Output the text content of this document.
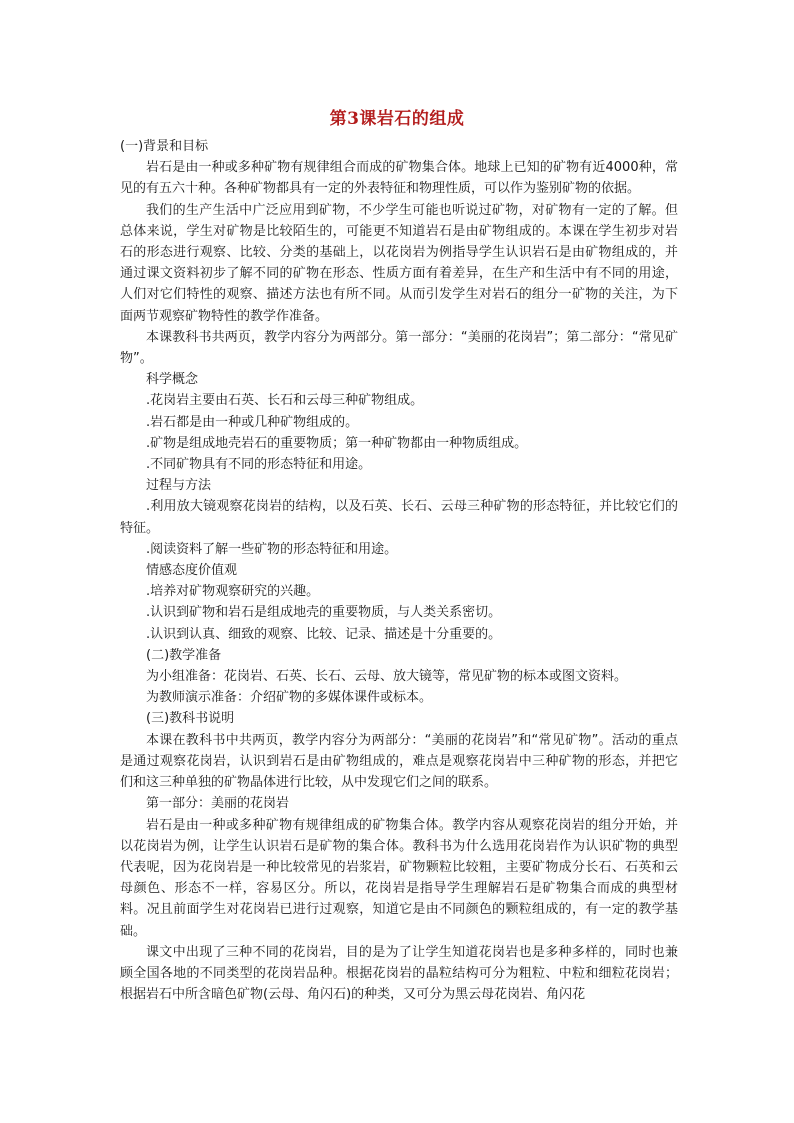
第3课岩石的组成

(一)背景和目标

岩石是由一种或多种矿物有规律组合而成的矿物集合体。地球上已知的矿物有近4000种，常见的有五六十种。各种矿物都具有一定的外表特征和物理性质，可以作为鉴别矿物的依据。

我们的生产生活中广泛应用到矿物，不少学生可能也听说过矿物，对矿物有一定的了解。但总体来说，学生对矿物是比较陌生的，可能更不知道岩石是由矿物组成的。本课在学生初步对岩石的形态进行观察、比较、分类的基础上，以花岗岩为例指导学生认识岩石是由矿物组成的，并通过课文资料初步了解不同的矿物在形态、性质方面有着差异，在生产和生活中有不同的用途，人们对它们特性的观察、描述方法也有所不同。从而引发学生对岩石的组分一矿物的关注，为下面两节观察矿物特性的教学作准备。

本课教科书共两页，教学内容分为两部分。第一部分：“美丽的花岗岩”；第二部分：“常见矿物”。

科学概念

.花岗岩主要由石英、长石和云母三种矿物组成。

.岩石都是由一种或几种矿物组成的。

.矿物是组成地壳岩石的重要物质；第一种矿物都由一种物质组成。

.不同矿物具有不同的形态特征和用途。

过程与方法

.利用放大镜观察花岗岩的结构，以及石英、长石、云母三种矿物的形态特征，并比较它们的特征。

.阅读资料了解一些矿物的形态特征和用途。

情感态度价值观

.培养对矿物观察研究的兴趣。

.认识到矿物和岩石是组成地壳的重要物质，与人类关系密切。

.认识到认真、细致的观察、比较、记录、描述是十分重要的。

(二)教学准备

为小组准备：花岗岩、石英、长石、云母、放大镜等，常见矿物的标本或图文资料。

为教师演示准备：介绍矿物的多媒体课件或标本。

(三)教科书说明

本课在教科书中共两页，教学内容分为两部分：“美丽的花岗岩”和“常见矿物”。活动的重点是通过观察花岗岩，认识到岩石是由矿物组成的，难点是观察花岗岩中三种矿物的形态，并把它们和这三种单独的矿物晶体进行比较，从中发现它们之间的联系。

第一部分：美丽的花岗岩

岩石是由一种或多种矿物有规律组成的矿物集合体。教学内容从观察花岗岩的组分开始，并以花岗岩为例，让学生认识岩石是矿物的集合体。教科书为什么选用花岗岩作为认识矿物的典型代表呢，因为花岗岩是一种比较常见的岩浆岩，矿物颗粒比较粗，主要矿物成分长石、石英和云母颜色、形态不一样，容易区分。所以，花岗岩是指导学生理解岩石是矿物集合而成的典型材料。况且前面学生对花岗岩已进行过观察，知道它是由不同颜色的颗粒组成的，有一定的教学基础。

课文中出现了三种不同的花岗岩，目的是为了让学生知道花岗岩也是多种多样的，同时也兼顾全国各地的不同类型的花岗岩品种。根据花岗岩的晶粒结构可分为粗粒、中粒和细粒花岗岩；根据岩石中所含暗色矿物(云母、角闪石)的种类，又可分为黑云母花岗岩、角闪花
